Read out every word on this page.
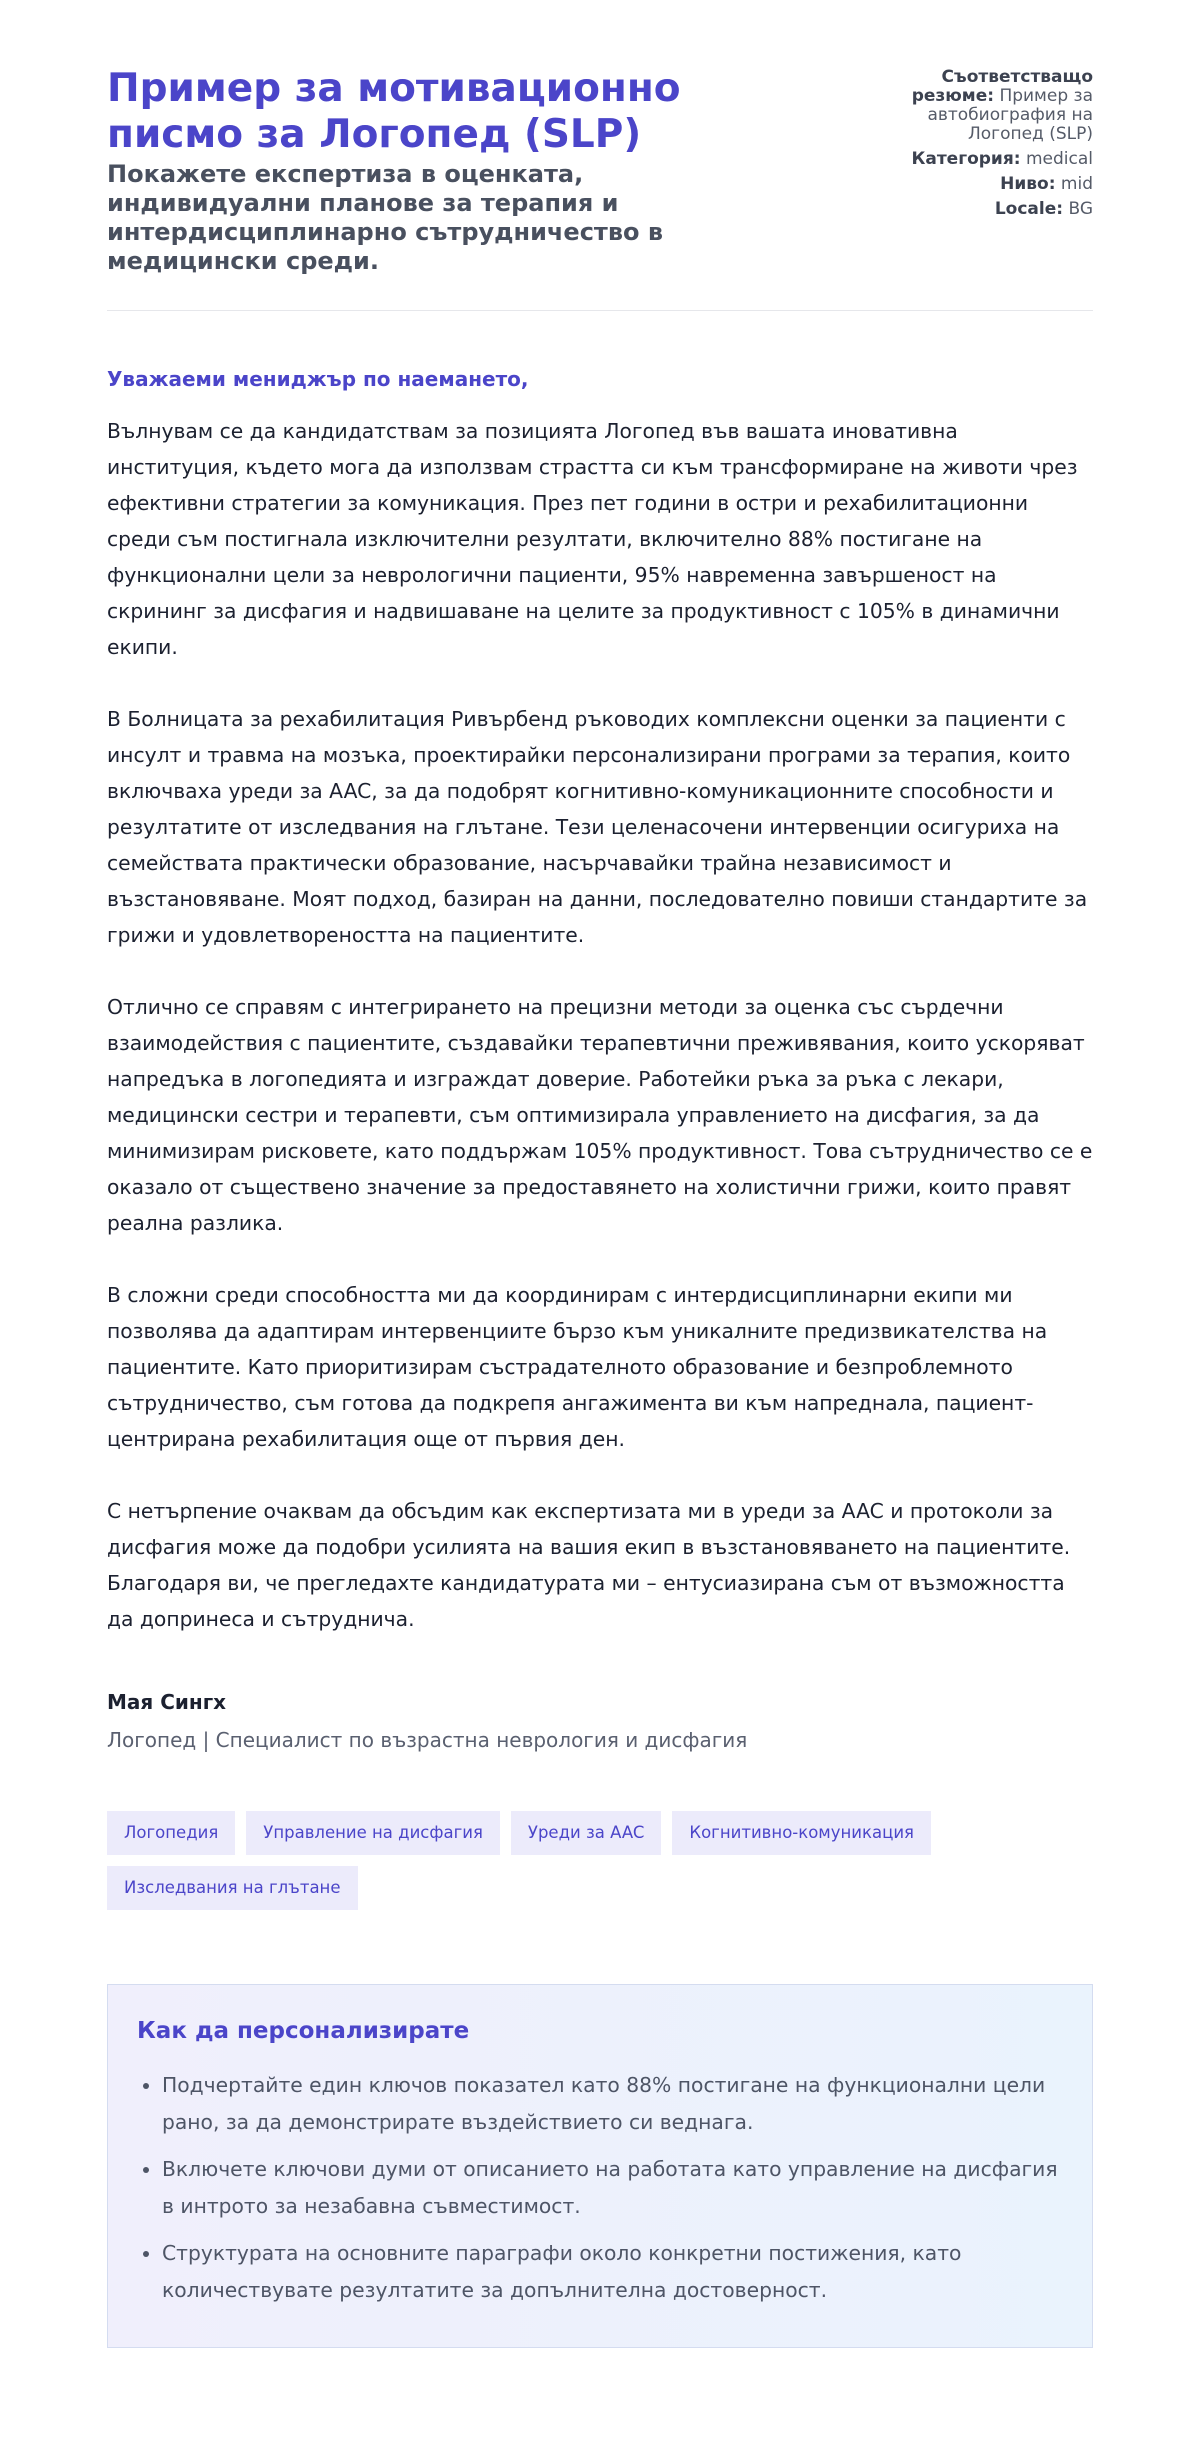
Пример за мотивационно писмо за Логопед (SLP)
Покажете експертиза в оценката, индивидуални планове за терапия и интердисциплинарно сътрудничество в медицински среди.
Съответстващо резюме: Пример за автобиография на Логопед (SLP)
Категория: medical
Ниво: mid
Locale: BG

Уважаеми мениджър по наемането,

Вълнувам се да кандидатствам за позицията Логопед във вашата иновативна институция, където мога да използвам страстта си към трансформиране на животи чрез ефективни стратегии за комуникация. През пет години в остри и рехабилитационни среди съм постигнала изключителни резултати, включително 88% постигане на функционални цели за неврологични пациенти, 95% навременна завършеност на скрининг за дисфагия и надвишаване на целите за продуктивност с 105% в динамични екипи.

В Болницата за рехабилитация Ривърбенд ръководих комплексни оценки за пациенти с инсулт и травма на мозъка, проектирайки персонализирани програми за терапия, които включваха уреди за AAC, за да подобрят когнитивно-комуникационните способности и резултатите от изследвания на глътане. Тези целенасочени интервенции осигуриха на семействата практически образование, насърчавайки трайна независимост и възстановяване. Моят подход, базиран на данни, последователно повиши стандартите за грижи и удовлетвореността на пациентите.

Отлично се справям с интегрирането на прецизни методи за оценка със сърдечни взаимодействия с пациентите, създавайки терапевтични преживявания, които ускоряват напредъка в логопедията и изграждат доверие. Работейки ръка за ръка с лекари, медицински сестри и терапевти, съм оптимизирала управлението на дисфагия, за да минимизирам рисковете, като поддържам 105% продуктивност. Това сътрудничество се е оказало от съществено значение за предоставянето на холистични грижи, които правят реална разлика.

В сложни среди способността ми да координирам с интердисциплинарни екипи ми позволява да адаптирам интервенциите бързо към уникалните предизвикателства на пациентите. Като приоритизирам състрадателното образование и безпроблемното сътрудничество, съм готова да подкрепя ангажимента ви към напреднала, пациент-центрирана рехабилитация още от първия ден.

С нетърпение очаквам да обсъдим как експертизата ми в уреди за AAC и протоколи за дисфагия може да подобри усилията на вашия екип в възстановяването на пациентите. Благодаря ви, че прегледахте кандидатурата ми – ентусиазирана съм от възможността да допринеса и сътруднича.

Мая Сингх
Логопед | Специалист по възрастна неврология и дисфагия
Логопедия	Управление на дисфагия	Уреди за AAC	Когнитивно-комуникация
Изследвания на глътане
Как да персонализирате
• Подчертайте един ключов показател като 88% постигане на функционални цели рано, за да демонстрирате въздействието си веднага.
• Включете ключови думи от описанието на работата като управление на дисфагия в интрото за незабавна съвместимост.
• Структурата на основните параграфи около конкретни постижения, като количествувате резултатите за допълнителна достоверност.
